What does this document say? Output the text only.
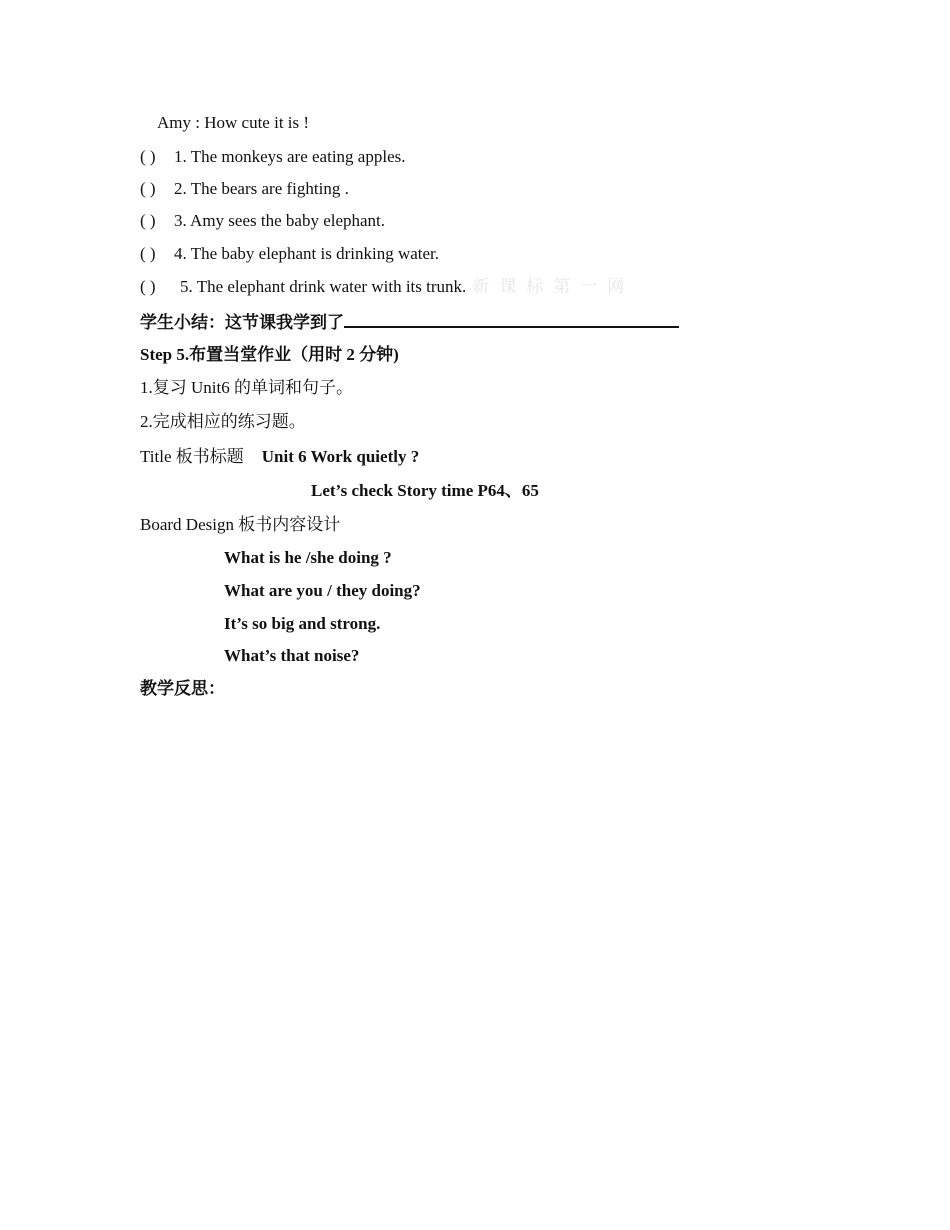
Amy : How cute it is !
( ) 1. The monkeys are eating apples.
( ) 2. The bears are fighting .
( ) 3. Amy sees the baby elephant.
( ) 4. The baby elephant is drinking water.
( ) 5. The elephant drink water with its trunk. 新课标第一网
学生小结：这节课我学到了
Step 5.布置当堂作业（用时 2 分钟)
1.复习 Unit6 的单词和句子。
2.完成相应的练习题。
Title 板书标题 Unit 6 Work quietly ?
Let’s check Story time P64、65
Board Design 板书内容设计
What is he /she doing ?
What are you / they doing?
It’s so big and strong.
What’s that noise?
教学反思：
